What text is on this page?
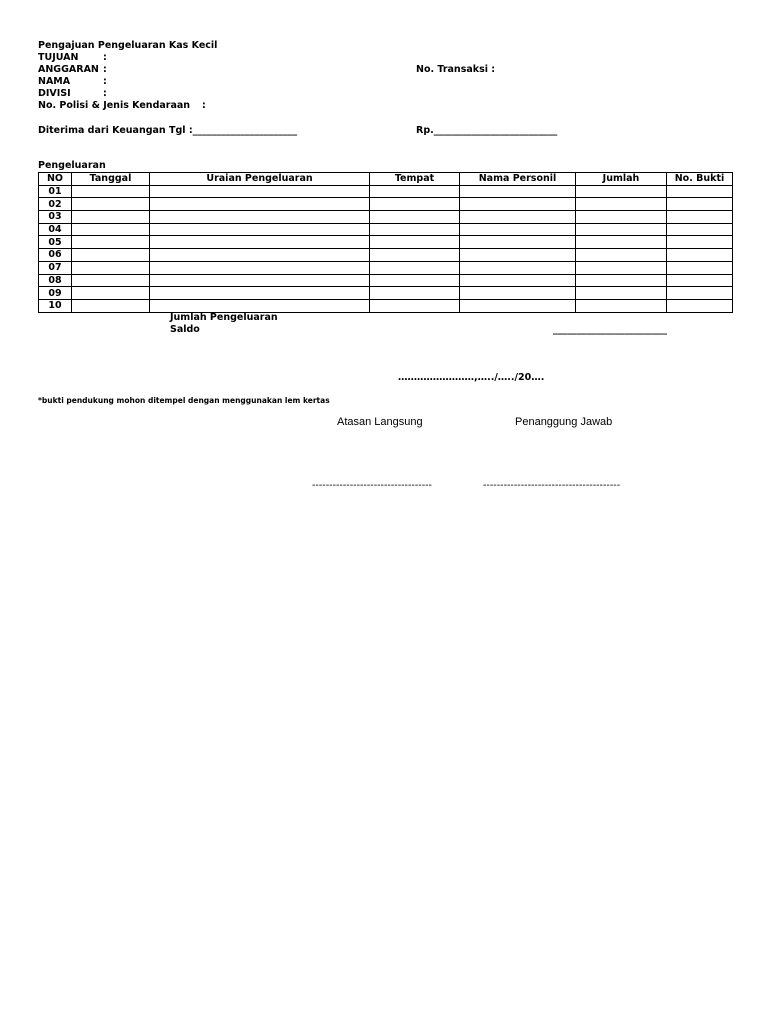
Pengajuan Pengeluaran Kas Kecil
TUJUAN	:
ANGGARAN :
NAMA	:
DIVISI	:
No. Polisi & Jenis Kendaraan :
No. Transaksi :
Diterima dari Keuangan Tgl :______________________	Rp.__________________________
Pengeluaran
NO	Tanggal	Uraian Pengeluaran	Tempat	Nama Personil	Jumlah	No. Bukti
01						
02						
03						
04						
05						
06						
07						
08						
09						
10						
Jumlah Pengeluaran
Saldo	________________________
……………………,…../…../20….
*bukti pendukung mohon ditempel dengan menggunakan lem kertas
Atasan Langsung	Penanggung Jawab
-----------------------------------	----------------------------------------
